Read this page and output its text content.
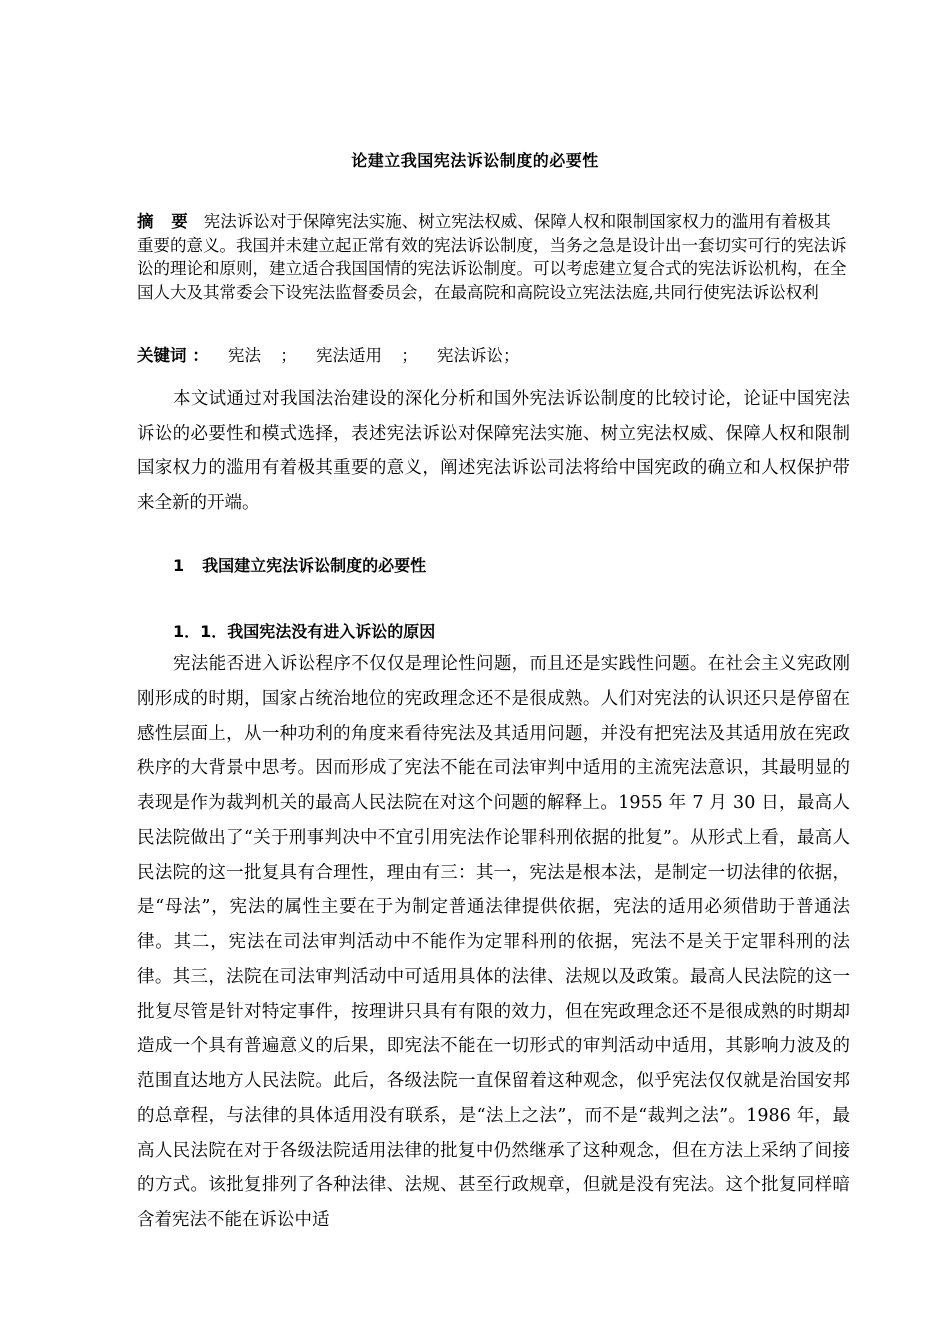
论建立我国宪法诉讼制度的必要性
摘 要 宪法诉讼对于保障宪法实施、树立宪法权威、保障人权和限制国家权力的滥用有着极其重要的意义。我国并未建立起正常有效的宪法诉讼制度，当务之急是设计出一套切实可行的宪法诉讼的理论和原则，建立适合我国国情的宪法诉讼制度。可以考虑建立复合式的宪法诉讼机构，在全国人大及其常委会下设宪法监督委员会，在最高院和高院设立宪法法庭,共同行使宪法诉讼权利
关键词 ： 宪法 ； 宪法适用 ； 宪法诉讼；
本文试通过对我国法治建设的深化分析和国外宪法诉讼制度的比较讨论，论证中国宪法诉讼的必要性和模式选择，表述宪法诉讼对保障宪法实施、树立宪法权威、保障人权和限制国家权力的滥用有着极其重要的意义，阐述宪法诉讼司法将给中国宪政的确立和人权保护带来全新的开端。
1 我国建立宪法诉讼制度的必要性
1．1．我国宪法没有进入诉讼的原因
宪法能否进入诉讼程序不仅仅是理论性问题，而且还是实践性问题。在社会主义宪政刚刚形成的时期，国家占统治地位的宪政理念还不是很成熟。人们对宪法的认识还只是停留在感性层面上，从一种功利的角度来看待宪法及其适用问题，并没有把宪法及其适用放在宪政秩序的大背景中思考。因而形成了宪法不能在司法审判中适用的主流宪法意识，其最明显的表现是作为裁判机关的最高人民法院在对这个问题的解释上。1955 年 7 月 30 日，最高人民法院做出了“关于刑事判决中不宜引用宪法作论罪科刑依据的批复”。从形式上看，最高人民法院的这一批复具有合理性，理由有三：其一，宪法是根本法，是制定一切法律的依据，是“母法”，宪法的属性主要在于为制定普通法律提供依据，宪法的适用必须借助于普通法律。其二，宪法在司法审判活动中不能作为定罪科刑的依据，宪法不是关于定罪科刑的法律。其三，法院在司法审判活动中可适用具体的法律、法规以及政策。最高人民法院的这一批复尽管是针对特定事件，按理讲只具有有限的效力，但在宪政理念还不是很成熟的时期却造成一个具有普遍意义的后果，即宪法不能在一切形式的审判活动中适用，其影响力波及的范围直达地方人民法院。此后，各级法院一直保留着这种观念，似乎宪法仅仅就是治国安邦的总章程，与法律的具体适用没有联系，是“法上之法”，而不是“裁判之法”。1986 年，最高人民法院在对于各级法院适用法律的批复中仍然继承了这种观念，但在方法上采纳了间接的方式。该批复排列了各种法律、法规、甚至行政规章，但就是没有宪法。这个批复同样暗含着宪法不能在诉讼中适
